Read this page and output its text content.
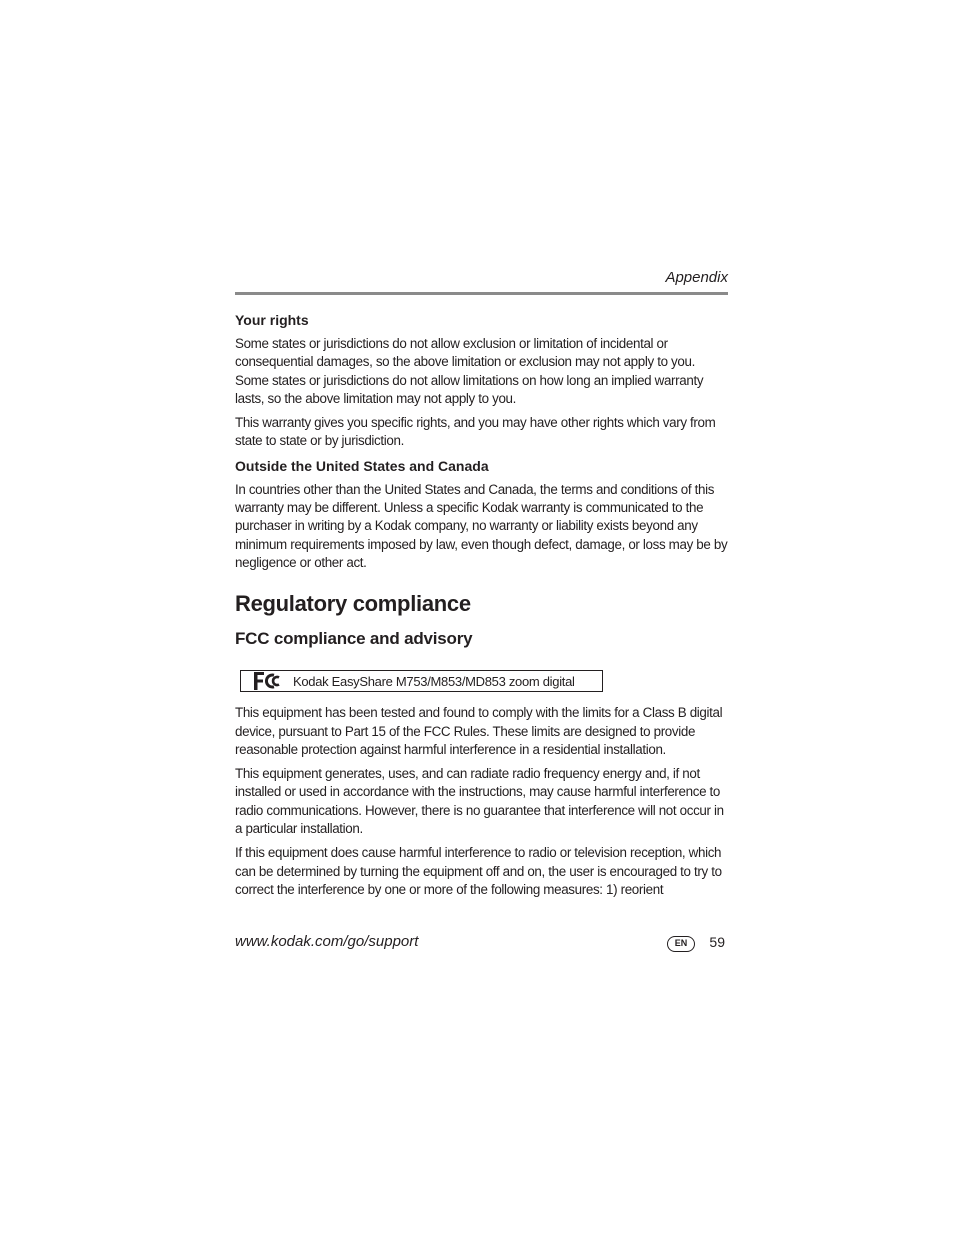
Appendix
Your rights

Some states or jurisdictions do not allow exclusion or limitation of incidental or consequential damages, so the above limitation or exclusion may not apply to you. Some states or jurisdictions do not allow limitations on how long an implied warranty lasts, so the above limitation may not apply to you.

This warranty gives you specific rights, and you may have other rights which vary from state to state or by jurisdiction.

Outside the United States and Canada

In countries other than the United States and Canada, the terms and conditions of this warranty may be different. Unless a specific Kodak warranty is communicated to the purchaser in writing by a Kodak company, no warranty or liability exists beyond any minimum requirements imposed by law, even though defect, damage, or loss may be by negligence or other act.

Regulatory compliance
FCC compliance and advisory
Kodak EasyShare M753/M853/MD853 zoom digital

This equipment has been tested and found to comply with the limits for a Class B digital device, pursuant to Part 15 of the FCC Rules. These limits are designed to provide reasonable protection against harmful interference in a residential installation.

This equipment generates, uses, and can radiate radio frequency energy and, if not installed or used in accordance with the instructions, may cause harmful interference to radio communications. However, there is no guarantee that interference will not occur in a particular installation.

If this equipment does cause harmful interference to radio or television reception, which can be determined by turning the equipment off and on, the user is encouraged to try to correct the interference by one or more of the following measures: 1) reorient

www.kodak.com/go/support	EN	59
